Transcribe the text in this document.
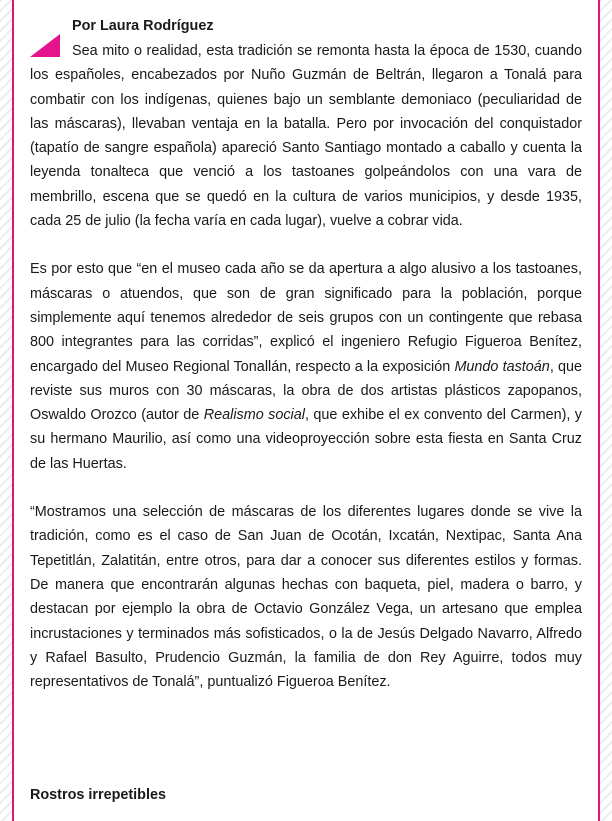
Por Laura Rodríguez

Sea mito o realidad, esta tradición se remonta hasta la época de 1530, cuando los españoles, encabezados por Nuño Guzmán de Beltrán, llegaron a Tonalá para combatir con los indígenas, quienes bajo un semblante demoniaco (peculiaridad de las máscaras), llevaban ventaja en la batalla. Pero por invocación del conquistador (tapatío de sangre española) apareció Santo Santiago montado a caballo y cuenta la leyenda tonalteca que venció a los tastoanes golpeándolos con una vara de membrillo, escena que se quedó en la cultura de varios municipios, y desde 1935, cada 25 de julio (la fecha varía en cada lugar), vuelve a cobrar vida.

Es por esto que “en el museo cada año se da apertura a algo alusivo a los tastoanes, máscaras o atuendos, que son de gran significado para la población, porque simplemente aquí tenemos alrededor de seis grupos con un contingente que rebasa 800 integrantes para las corridas”, explicó el ingeniero Refugio Figueroa Benítez, encargado del Museo Regional Tonallán, respecto a la exposición Mundo tastoán, que reviste sus muros con 30 máscaras, la obra de dos artistas plásticos zapopanos, Oswaldo Orozco (autor de Realismo social, que exhibe el ex convento del Carmen), y su hermano Maurilio, así como una videoproyección sobre esta fiesta en Santa Cruz de las Huertas.

“Mostramos una selección de máscaras de los diferentes lugares donde se vive la tradición, como es el caso de San Juan de Ocotán, Ixcatán, Nextipac, Santa Ana Tepetitlán, Zalatitán, entre otros, para dar a conocer sus diferentes estilos y formas. De manera que encontrarán algunas hechas con baqueta, piel, madera o barro, y destacan por ejemplo la obra de Octavio González Vega, un artesano que emplea incrustaciones y terminados más sofisticados, o la de Jesús Delgado Navarro, Alfredo y Rafael Basulto, Prudencio Guzmán, la familia de don Rey Aguirre, todos muy representativos de Tonalá”, puntualizó Figueroa Benítez.

Rostros irrepetibles
